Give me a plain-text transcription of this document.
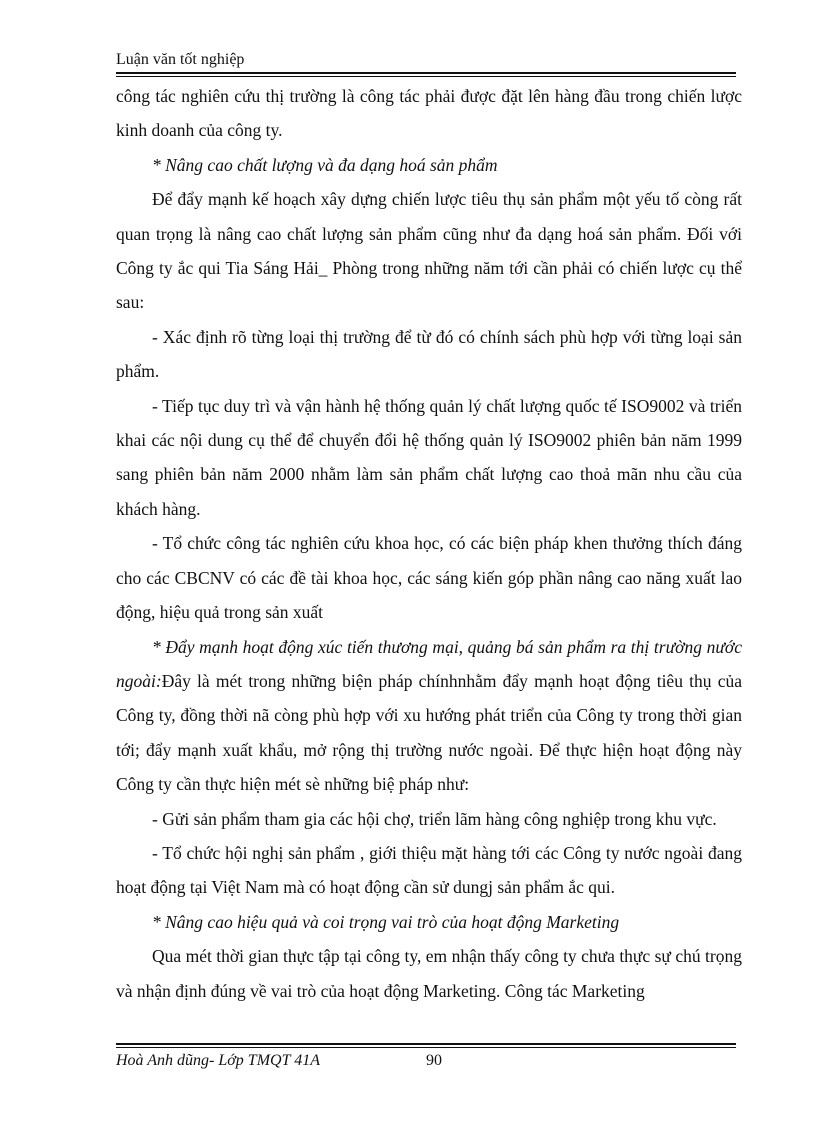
Luận văn tốt nghiệp

công tác nghiên cứu thị trường là công tác phải được đặt lên hàng đầu trong chiến lược kinh doanh của công ty.

* Nâng cao chất lượng và đa dạng hoá sản phẩm

Để đẩy mạnh kế hoạch xây dựng chiến lược tiêu thụ sản phẩm một yếu tố còng rất quan trọng là nâng cao chất lượng sản phẩm cũng như đa dạng hoá sản phẩm. Đối với Công ty ắc qui Tia Sáng Hải_ Phòng trong những năm tới cần phải có chiến lược cụ thể sau:

- Xác định rõ từng loại thị trường để từ đó có chính sách phù hợp với từng loại sản phẩm.

- Tiếp tục duy trì và vận hành hệ thống quản lý chất lượng quốc tế ISO9002 và triển khai các nội dung cụ thể để chuyển đổi hệ thống quản lý ISO9002 phiên bản năm 1999 sang phiên bản năm 2000 nhằm làm sản phẩm chất lượng cao thoả mãn nhu cầu của khách hàng.

- Tổ chức công tác nghiên cứu khoa học, có các biện pháp khen thưởng thích đáng cho các CBCNV có các đề tài khoa học, các sáng kiến góp phần nâng cao năng xuất lao động, hiệu quả trong sản xuất

* Đẩy mạnh hoạt động xúc tiến thương mại, quảng bá sản phẩm ra thị trường nước ngoài:Đây là mét trong những biện pháp chínhnhằm đẩy mạnh hoạt động tiêu thụ của Công ty, đồng thời nã còng phù hợp với xu hướng phát triển của Công ty trong thời gian tới; đẩy mạnh xuất khẩu, mở rộng thị trường nước ngoài. Để thực hiện hoạt động này Công ty cần thực hiện mét sè những biệ pháp như:

- Gửi sản phẩm tham gia các hội chợ, triển lãm hàng công nghiệp trong khu vực.

- Tổ chức hội nghị sản phẩm , giới thiệu mặt hàng tới các Công ty nước ngoài đang hoạt động tại Việt Nam mà có hoạt động cần sử dungj sản phẩm ắc qui.

* Nâng cao hiệu quả và coi trọng vai trò của hoạt động Marketing

Qua mét thời gian thực tập tại công ty, em nhận thấy công ty chưa thực sự chú trọng và nhận định đúng về vai trò của hoạt động Marketing. Công tác Marketing

Hoà Anh dũng- Lớp TMQT 41A	90
